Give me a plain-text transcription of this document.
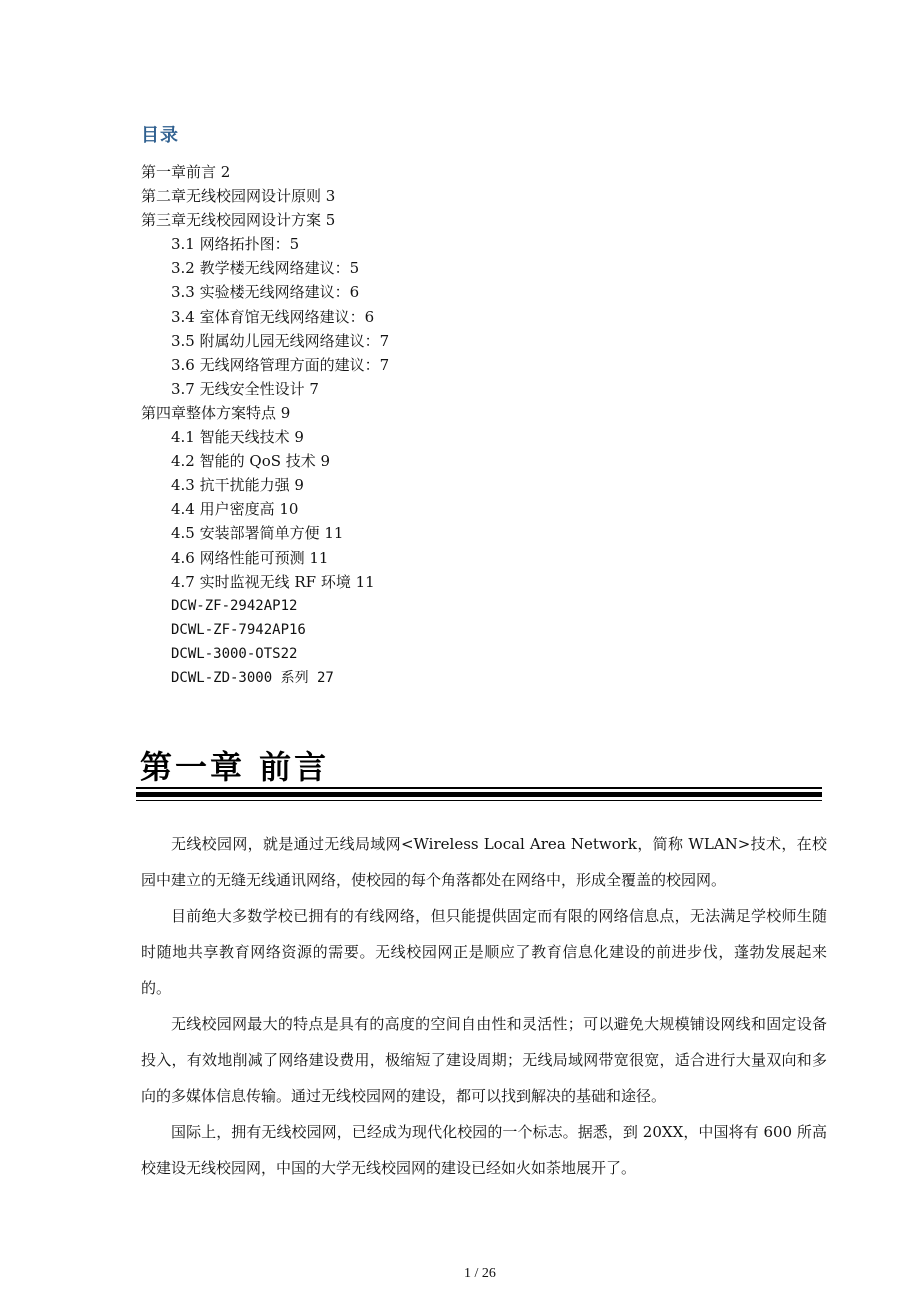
目录
第一章前言 2
第二章无线校园网设计原则 3
第三章无线校园网设计方案 5
3.1 网络拓扑图：5
3.2 教学楼无线网络建议：5
3.3 实验楼无线网络建议：6
3.4 室体育馆无线网络建议：6
3.5 附属幼儿园无线网络建议：7
3.6 无线网络管理方面的建议：7
3.7 无线安全性设计 7
第四章整体方案特点 9
4.1 智能天线技术 9
4.2 智能的 QoS 技术 9
4.3 抗干扰能力强 9
4.4 用户密度高 10
4.5 安装部署简单方便 11
4.6 网络性能可预测 11
4.7 实时监视无线 RF 环境 11
DCW-ZF-2942AP12
DCWL-ZF-7942AP16
DCWL-3000-OTS22
DCWL-ZD-3000 系列 27
第一章 前言

无线校园网，就是通过无线局域网<Wireless Local Area Network，简称 WLAN>技术，在校园中建立的无缝无线通讯网络，使校园的每个角落都处在网络中，形成全覆盖的校园网。

目前绝大多数学校已拥有的有线网络，但只能提供固定而有限的网络信息点，无法满足学校师生随时随地共享教育网络资源的需要。无线校园网正是顺应了教育信息化建设的前进步伐，蓬勃发展起来的。

无线校园网最大的特点是具有的高度的空间自由性和灵活性；可以避免大规模铺设网线和固定设备投入，有效地削减了网络建设费用，极缩短了建设周期；无线局域网带宽很宽，适合进行大量双向和多向的多媒体信息传输。通过无线校园网的建设，都可以找到解决的基础和途径。

国际上，拥有无线校园网，已经成为现代化校园的一个标志。据悉，到 20XX，中国将有 600 所高校建设无线校园网，中国的大学无线校园网的建设已经如火如荼地展开了。

1 / 26
